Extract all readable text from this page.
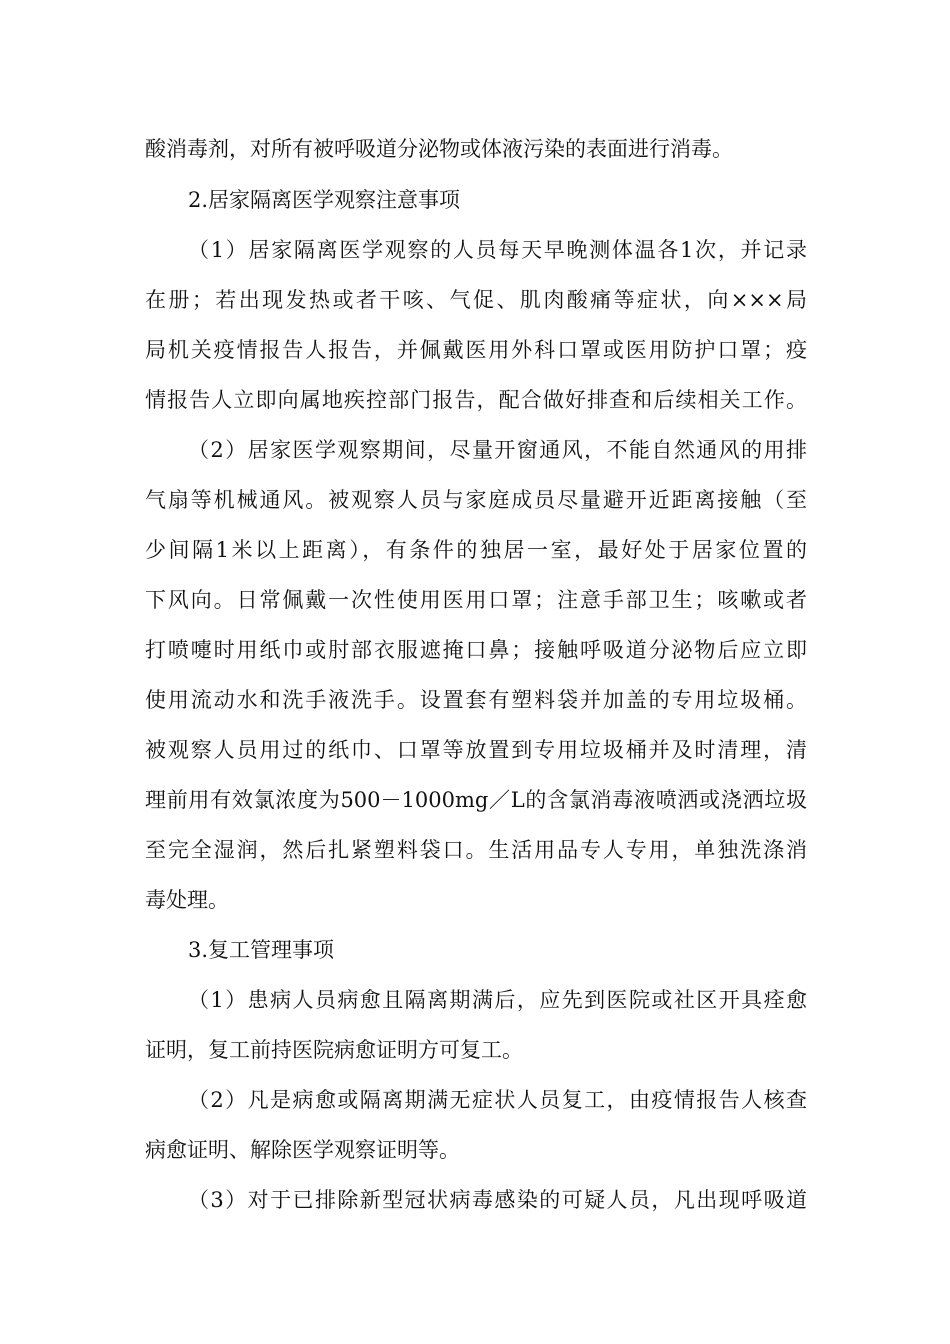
酸消毒剂，对所有被呼吸道分泌物或体液污染的表面进行消毒。
2.居家隔离医学观察注意事项
（1）居家隔离医学观察的人员每天早晚测体温各1次，并记录
在册；若出现发热或者干咳、气促、肌肉酸痛等症状，向×××局
局机关疫情报告人报告，并佩戴医用外科口罩或医用防护口罩；疫
情报告人立即向属地疾控部门报告，配合做好排查和后续相关工作。
（2）居家医学观察期间，尽量开窗通风，不能自然通风的用排
气扇等机械通风。被观察人员与家庭成员尽量避开近距离接触（至
少间隔1米以上距离），有条件的独居一室，最好处于居家位置的
下风向。日常佩戴一次性使用医用口罩；注意手部卫生；咳嗽或者
打喷嚏时用纸巾或肘部衣服遮掩口鼻；接触呼吸道分泌物后应立即
使用流动水和洗手液洗手。设置套有塑料袋并加盖的专用垃圾桶。
被观察人员用过的纸巾、口罩等放置到专用垃圾桶并及时清理，清
理前用有效氯浓度为500－1000mg／L的含氯消毒液喷洒或浇洒垃圾
至完全湿润，然后扎紧塑料袋口。生活用品专人专用，单独洗涤消
毒处理。
3.复工管理事项
（1）患病人员病愈且隔离期满后，应先到医院或社区开具痊愈
证明，复工前持医院病愈证明方可复工。
（2）凡是病愈或隔离期满无症状人员复工，由疫情报告人核查
病愈证明、解除医学观察证明等。
（3）对于已排除新型冠状病毒感染的可疑人员，凡出现呼吸道
